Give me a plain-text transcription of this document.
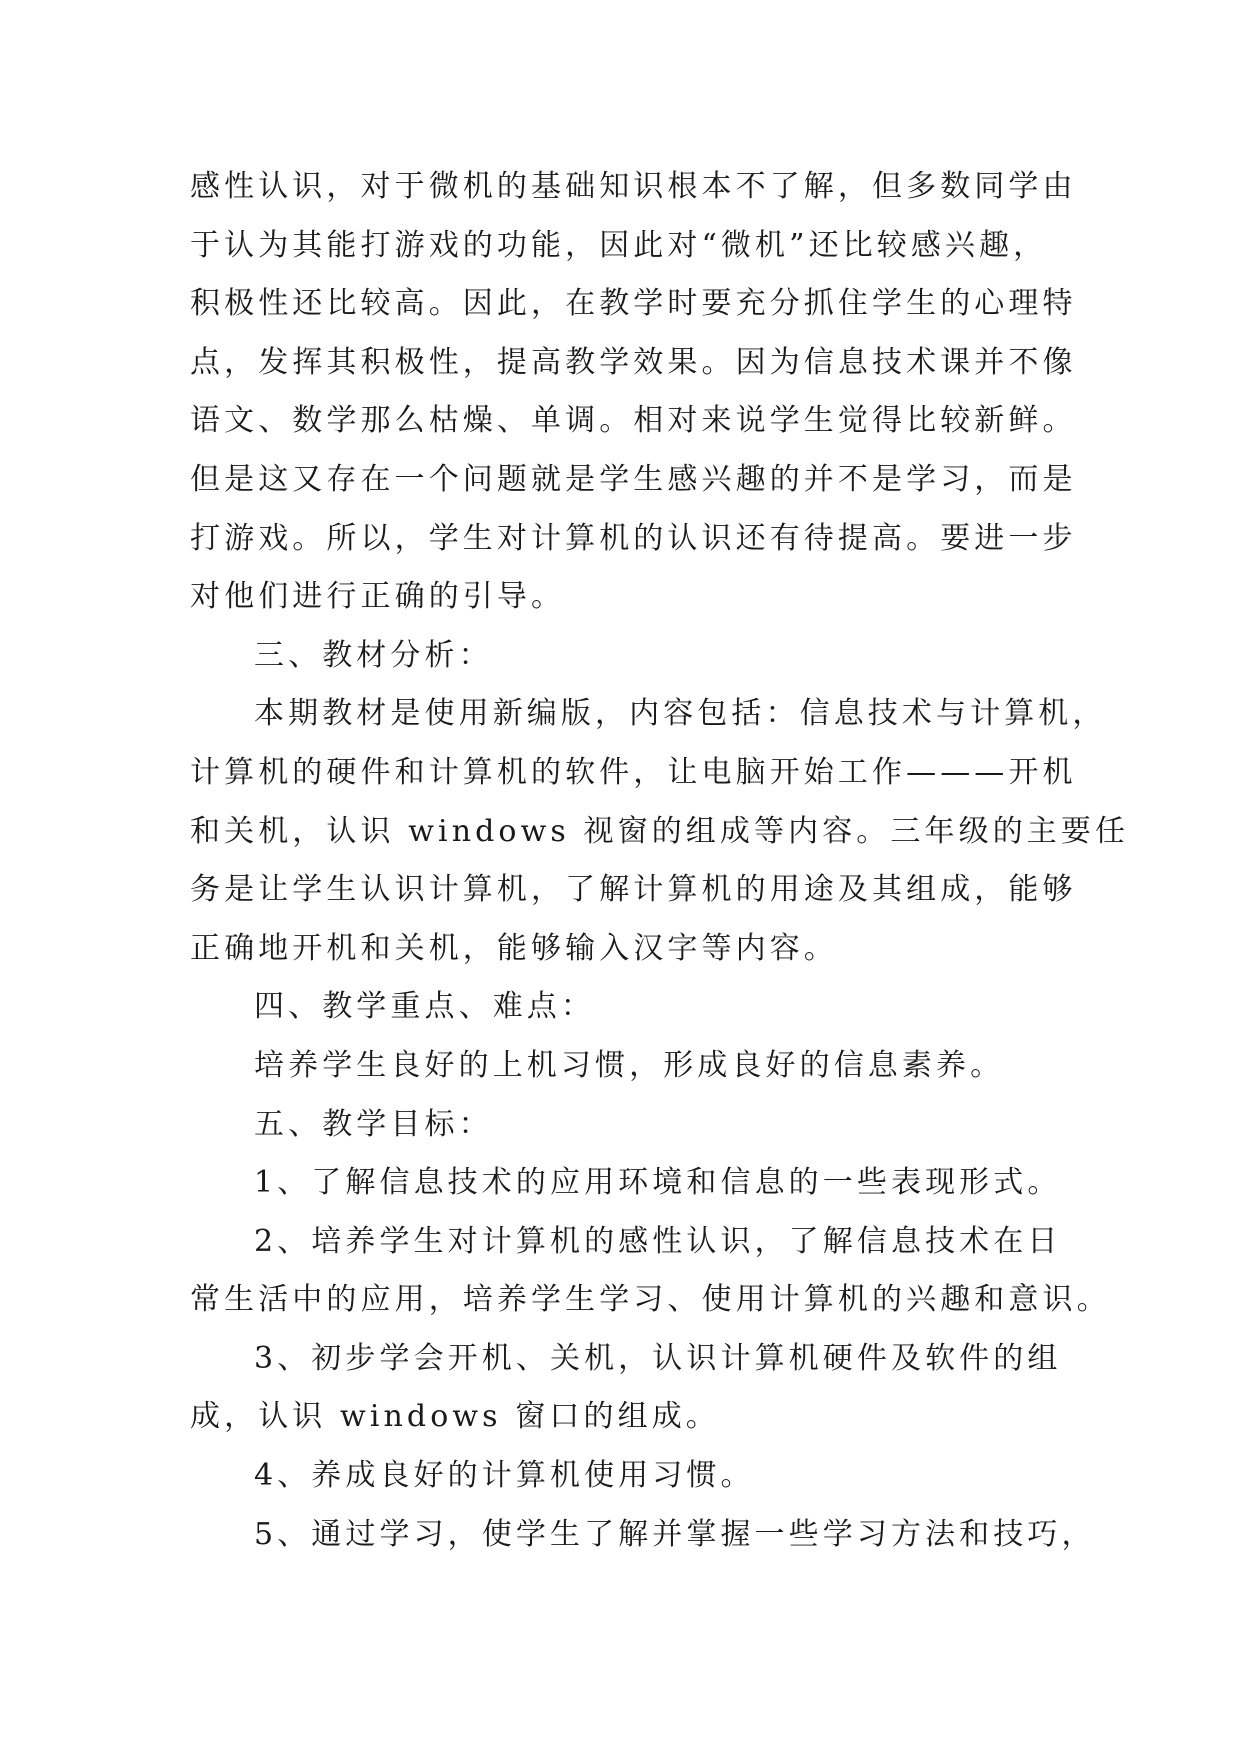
感性认识，对于微机的基础知识根本不了解，但多数同学由
于认为其能打游戏的功能，因此对“微机”还比较感兴趣，
积极性还比较高。因此，在教学时要充分抓住学生的心理特
点，发挥其积极性，提高教学效果。因为信息技术课并不像
语文、数学那么枯燥、单调。相对来说学生觉得比较新鲜。
但是这又存在一个问题就是学生感兴趣的并不是学习，而是
打游戏。所以，学生对计算机的认识还有待提高。要进一步
对他们进行正确的引导。
三、教材分析：
本期教材是使用新编版，内容包括：信息技术与计算机，
计算机的硬件和计算机的软件，让电脑开始工作———开机
和关机，认识 windows 视窗的组成等内容。三年级的主要任
务是让学生认识计算机，了解计算机的用途及其组成，能够
正确地开机和关机，能够输入汉字等内容。
四、教学重点、难点：
培养学生良好的上机习惯，形成良好的信息素养。
五、教学目标：
1、了解信息技术的应用环境和信息的一些表现形式。
2、培养学生对计算机的感性认识，了解信息技术在日
常生活中的应用，培养学生学习、使用计算机的兴趣和意识。
3、初步学会开机、关机，认识计算机硬件及软件的组
成，认识 windows 窗口的组成。
4、养成良好的计算机使用习惯。
5、通过学习，使学生了解并掌握一些学习方法和技巧，
